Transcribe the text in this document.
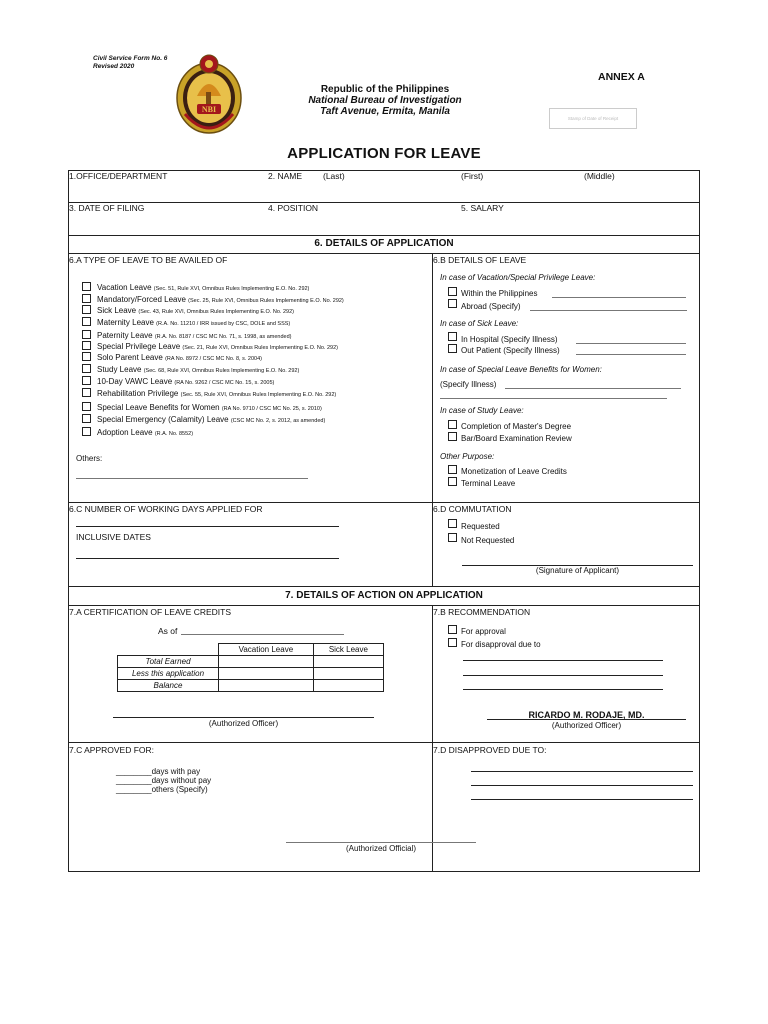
Civil Service Form No. 6
Revised 2020
NBI
ANNEX A
Republic of the Philippines
National Bureau of Investigation
Taft Avenue, Ermita, Manila
Stamp of Date of Receipt
APPLICATION FOR LEAVE
1.OFFICE/DEPARTMENT	2. NAME (Last)	(First)	(Middle)
3. DATE OF FILING	4. POSITION	5. SALARY
6. DETAILS OF APPLICATION
6.A TYPE OF LEAVE TO BE AVAILED OF	6.B DETAILS OF LEAVE
Vacation Leave (Sec. 51, Rule XVI, Omnibus Rules Implementing E.O. No. 292)
Mandatory/Forced Leave (Sec. 25, Rule XVI, Omnibus Rules Implementing E.O. No. 292)
Sick Leave (Sec. 43, Rule XVI, Omnibus Rules Implementing E.O. No. 292)
Maternity Leave (R.A. No. 11210 / IRR issued by CSC, DOLE and SSS)
Paternity Leave (R.A. No. 8187 / CSC MC No. 71, s. 1998, as amended)
Special Privilege Leave (Sec. 21, Rule XVI, Omnibus Rules Implementing E.O. No. 292)
Solo Parent Leave (RA No. 8972 / CSC MC No. 8, s. 2004)
Study Leave (Sec. 68, Rule XVI, Omnibus Rules Implementing E.O. No. 292)
10-Day VAWC Leave (RA No. 9262 / CSC MC No. 15, s. 2005)
Rehabilitation Privilege (Sec. 55, Rule XVI, Omnibus Rules Implementing E.O. No. 292)
Special Leave Benefits for Women (RA No. 9710 / CSC MC No. 25, s. 2010)
Special Emergency (Calamity) Leave (CSC MC No. 2, s. 2012, as amended)
Adoption Leave (R.A. No. 8552)
Others:
In case of Vacation/Special Privilege Leave:
Within the Philippines
Abroad (Specify)
In case of Sick Leave:
In Hospital (Specify Illness)
Out Patient (Specify Illness)
In case of Special Leave Benefits for Women:
(Specify Illness)
In case of Study Leave:
Completion of Master's Degree
Bar/Board Examination Review
Other Purpose:
Monetization of Leave Credits
Terminal Leave
6.C NUMBER OF WORKING DAYS APPLIED FOR
INCLUSIVE DATES
6.D COMMUTATION
Requested
Not Requested
(Signature of Applicant)
7. DETAILS OF ACTION ON APPLICATION
7.A CERTIFICATION OF LEAVE CREDITS
As of
	Vacation Leave	Sick Leave
Total Earned		
Less this application		
Balance		
(Authorized Officer)
7.B RECOMMENDATION
For approval
For disapproval due to
RICARDO M. RODAJE, MD.
(Authorized Officer)
7.C APPROVED FOR:
________days with pay
________days without pay
________others (Specify)
7.D DISAPPROVED DUE TO:
(Authorized Official)
